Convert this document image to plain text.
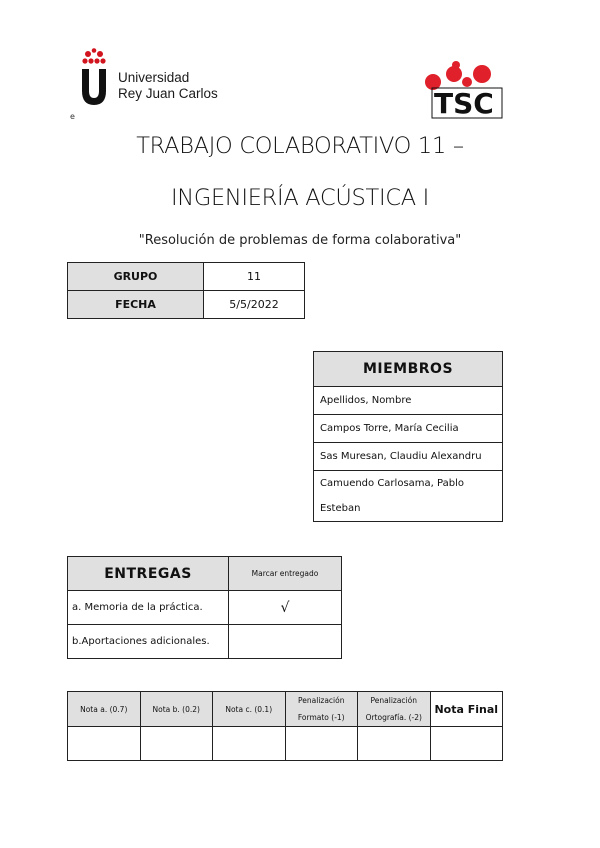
Universidad
Rey Juan Carlos
e	TSC
TRABAJO COLABORATIVO 11 –
INGENIERÍA ACÚSTICA I
"Resolución de problemas de forma colaborativa"
GRUPO	11
FECHA	5/5/2022
MIEMBROS
Apellidos, Nombre
Campos Torre, María Cecilia
Sas Muresan, Claudiu Alexandru
Camuendo Carlosama, Pablo Esteban
ENTREGAS	Marcar entregado
a. Memoria de la práctica.	√
b.Aportaciones adicionales.	
Nota a. (0.7)	Nota b. (0.2)	Nota c. (0.1)	Penalización Formato (-1)	Penalización Ortografía. (-2)	Nota Final
